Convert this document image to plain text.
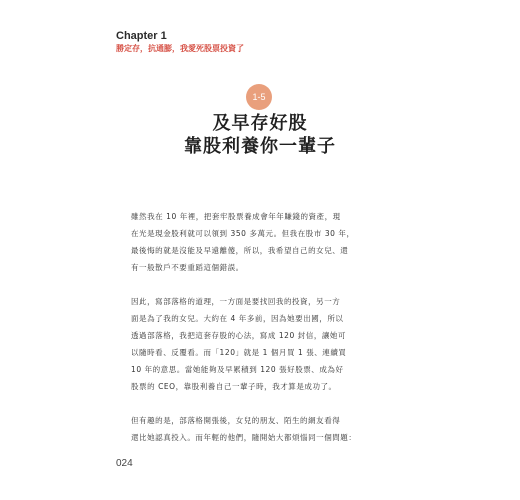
Chapter 1
勝定存，抗通膨，我愛死股票投資了
1-5
及早存好股
靠股利養你一輩子
雖然我在 10 年裡，把套牢股票養成會年年賺錢的資產，現
在光是現金股利就可以領到 350 多萬元。但我在股市 30 年，
最後悔的就是沒能及早遠離傻，所以，我希望自己的女兒、還
有一般散戶不要重蹈這個錯誤。
因此，寫部落格的道理，一方面是要找回我的投資，另一方
面是為了我的女兒。大約在 4 年多前，因為她要出國，所以
透過部落格，我把這套存股的心法，寫成 120 封信，讓她可
以隨時看、反覆看。而「120」就是 1 個月買 1 張、連續買
10 年的意思。當她能夠及早累積到 120 張好股票、成為好
股票的 CEO，靠股利養自己一輩子時，我才算是成功了。
但有趣的是，部落格開張後，女兒的朋友、陌生的網友看得
還比她認真投入。而年輕的他們，隨開始大都煩惱同一個問題：
024
